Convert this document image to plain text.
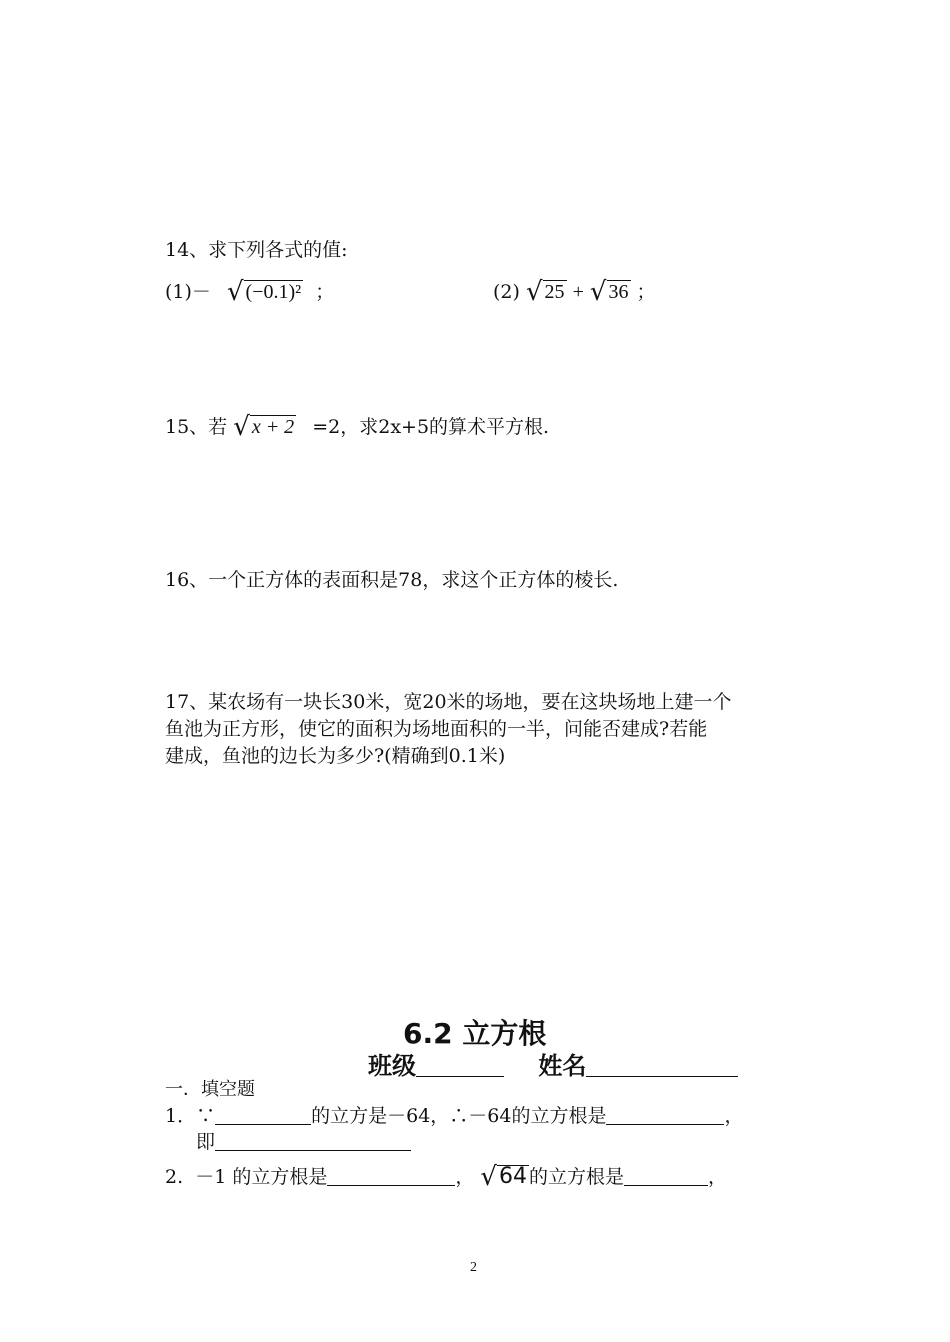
14、求下列各式的值:
(1)－ √ (−0.1)² ；	(2) √ 25 + √ 36 ；
15、若 √ x + 2 =2，求2x+5的算术平方根.
16、一个正方体的表面积是78，求这个正方体的棱长.
17、某农场有一块长30米，宽20米的场地，要在这块场地上建一个
鱼池为正方形，使它的面积为场地面积的一半，问能否建成?若能
建成，鱼池的边长为多少?(精确到0.1米)
6.2 立方根
班级	姓名
一．填空题
1．∵	的立方是－64，∴－64的立方根是	，
即
2. －1 的立方根是	， √64 的立方根是	，
2
